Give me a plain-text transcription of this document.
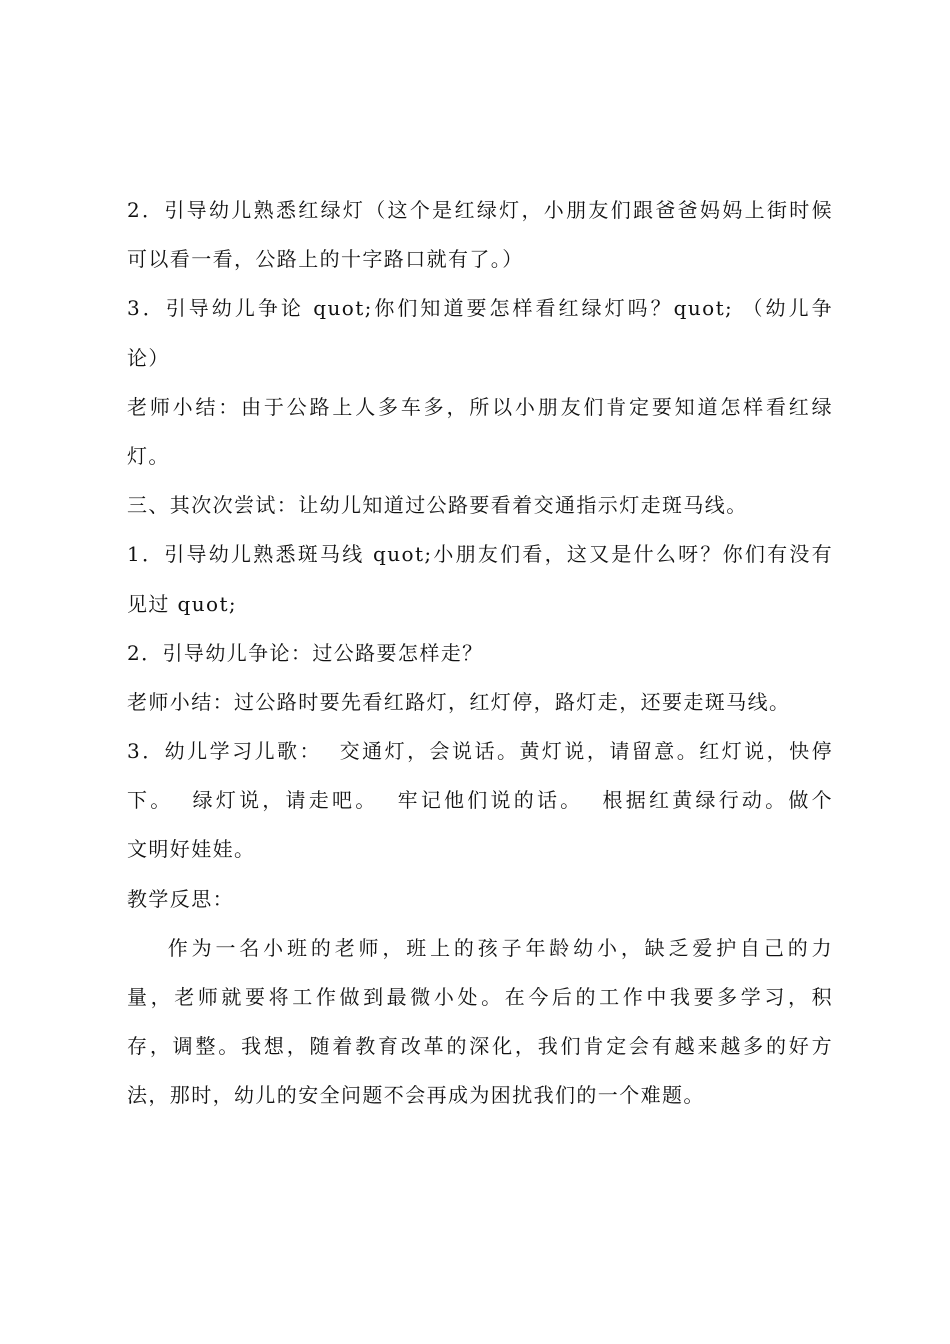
2．引导幼儿熟悉红绿灯（这个是红绿灯，小朋友们跟爸爸妈妈上街时候
可以看一看，公路上的十字路口就有了。）
3．引导幼儿争论 quot;你们知道要怎样看红绿灯吗？quot; （幼儿争
论）
老师小结：由于公路上人多车多，所以小朋友们肯定要知道怎样看红绿
灯。
三、其次次尝试：让幼儿知道过公路要看着交通指示灯走斑马线。
1．引导幼儿熟悉斑马线 quot;小朋友们看，这又是什么呀？你们有没有
见过 quot;
2．引导幼儿争论：过公路要怎样走？
老师小结：过公路时要先看红路灯，红灯停，路灯走，还要走斑马线。
3．幼儿学习儿歌：  交通灯，会说话。黄灯说，请留意。红灯说，快停
下。  绿灯说，请走吧。  牢记他们说的话。  根据红黄绿行动。做个
文明好娃娃。
教学反思：
作为一名小班的老师，班上的孩子年龄幼小，缺乏爱护自己的力
量，老师就要将工作做到最微小处。在今后的工作中我要多学习，积
存，调整。我想，随着教育改革的深化，我们肯定会有越来越多的好方
法，那时，幼儿的安全问题不会再成为困扰我们的一个难题。
